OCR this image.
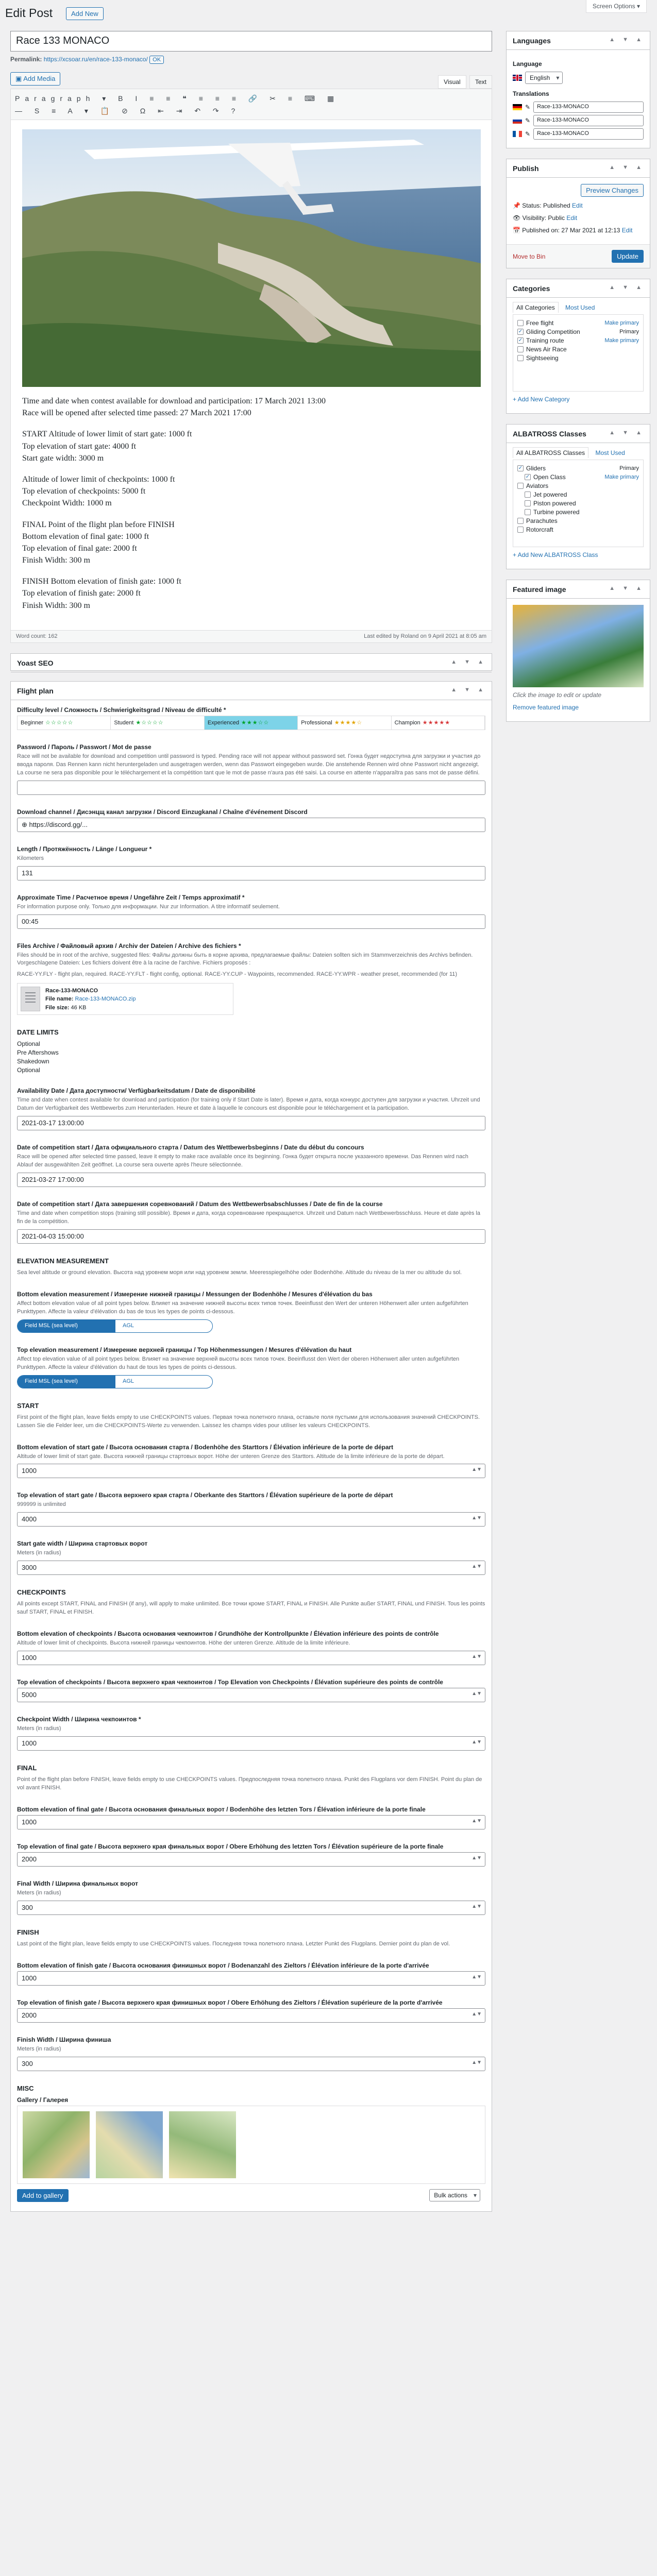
Edit Post	Add New
Screen Options ▾
Race 133 MONACO
Permalink: https://xcsoar.ru/en/race-133-monaco/ OK
▣ Add Media	Visual Text
Paragraph ▾ B I ≡ ≡ ❝ ≡ ≡ ≡ 🔗 ✂ ≡ ⌨ ▦
— S ≡ A ▾ 📋 ⊘ Ω ⇤ ⇥ ↶ ↷ ?

Time and date when contest available for download and participation: 17 March 2021 13:00
Race will be opened after selected time passed: 27 March 2021 17:00

START Altitude of lower limit of start gate: 1000 ft
Top elevation of start gate: 4000 ft
Start gate width: 3000 m

Altitude of lower limit of checkpoints: 1000 ft
Top elevation of checkpoints: 5000 ft
Checkpoint Width: 1000 m

FINAL Point of the flight plan before FINISH
Bottom elevation of final gate: 1000 ft
Top elevation of final gate: 2000 ft
Finish Width: 300 m

FINISH Bottom elevation of finish gate: 1000 ft
Top elevation of finish gate: 2000 ft
Finish Width: 300 m

Word count: 162	Last edited by Roland on 9 April 2021 at 8:05 am
Yoast SEO	▲ ▼ ▲
Flight plan	▲ ▼ ▲
Difficulty level / Сложность / Schwierigkeitsgrad / Niveau de difficulté *
Beginner ☆☆☆☆☆	Student ★☆☆☆☆	Experienced ★★★☆☆	Professional ★★★★☆	Champion ★★★★★
Password / Пароль / Passwort / Mot de passe
Race will not be available for download and competition until password is typed. Pending race will not appear without password set. Гонка будет недоступна для загрузки и участия до ввода пароля. Das Rennen kann nicht heruntergeladen und ausgetragen werden, wenn das Passwort eingegeben wurde. Die anstehende Rennen wird ohne Passwort nicht angezeigt. La course ne sera pas disponible pour le téléchargement et la compétition tant que le mot de passe n'aura pas été saisi. La course en attente n'apparaîtra pas sans mot de passe défini.
Download channel / Дисэнцщ канал загрузки / Discord Einzugkanal / Chaîne d'événement Discord
⊕ https://discord.gg/...
Length / Протяжённость / Länge / Longueur *
Kilometers
131
Approximate Time / Расчетное время / Ungefähre Zeit / Temps approximatif *
For information purpose only. Только для информации. Nur zur Information. A titre informatif seulement.
00:45
Files Archive / Файловый архив / Archiv der Dateien / Archive des fichiers *
Files should be in root of the archive, suggested files: Файлы должны быть в корне архива, предлагаемые файлы: Dateien sollten sich im Stammverzeichnis des Archivs befinden. Vorgeschlagene Dateien: Les fichiers doivent être à la racine de l'archive. Fichiers proposés :
RACE-YY.FLY - flight plan, required. RACE-YY.FLT - flight config, optional. RACE-YY.CUP - Waypoints, recommended. RACE-YY.WPR - weather preset, recommended (for 11)
Race-133-MONACO
File name: Race-133-MONACO.zip
File size: 46 KB
DATE LIMITS
Optional
Pre Aftershows
Shakedown
Optional
Availability Date / Дата доступности/ Verfügbarkeitsdatum / Date de disponibilité
Time and date when contest available for download and participation (for training only if Start Date is later). Время и дата, когда конкурс доступен для загрузки и участия. Uhrzeit und Datum der Verfügbarkeit des Wettbewerbs zum Herunterladen. Heure et date à laquelle le concours est disponible pour le téléchargement et la participation.
2021-03-17 13:00:00
Date of competition start / Дата официального старта / Datum des Wettbewerbsbeginns / Date du début du concours
Race will be opened after selected time passed, leave it empty to make race available once its beginning. Гонка будет открыта после указанного времени. Das Rennen wird nach Ablauf der ausgewählten Zeit geöffnet. La course sera ouverte après l'heure sélectionnée.
2021-03-27 17:00:00
Date of competition start / Дата завершения соревнований / Datum des Wettbewerbsabschlusses / Date de fin de la course
Time and date when competition stops (training still possible). Время и дата, когда соревнование прекращается. Uhrzeit und Datum nach Wettbewerbsschluss. Heure et date après la fin de la compétition.
2021-04-03 15:00:00
ELEVATION MEASUREMENT
Sea level altitude or ground elevation. Высота над уровнем моря или над уровнем земли. Meeresspiegelhöhe oder Bodenhöhe. Altitude du niveau de la mer ou altitude du sol.
Bottom elevation measurement / Измерение нижней границы / Messungen der Bodenhöhe / Mesures d'élévation du bas
Affect bottom elevation value of all point types below. Влияет на значение нижней высоты всех типов точек. Beeinflusst den Wert der unteren Höhenwert aller unten aufgeführten Punkttypen. Affecte la valeur d'élévation du bas de tous les types de points ci-dessous.
Field MSL (sea level)	AGL
Top elevation measurement / Измерение верхней границы / Top Höhenmessungen / Mesures d'élévation du haut
Affect top elevation value of all point types below. Влияет на значение верхней высоты всех типов точек. Beeinflusst den Wert der oberen Höhenwert aller unten aufgeführten Punkttypen. Affecte la valeur d'élévation du haut de tous les types de points ci-dessous.
Field MSL (sea level)	AGL
START
First point of the flight plan, leave fields empty to use CHECKPOINTS values. Первая точка полетного плана, оставьте поля пустыми для использования значений CHECKPOINTS. Lassen Sie die Felder leer, um die CHECKPOINTS-Werte zu verwenden. Laissez les champs vides pour utiliser les valeurs CHECKPOINTS.
Bottom elevation of start gate / Высота основания старта / Bodenhöhe des Starttors / Élévation inférieure de la porte de départ
Altitude of lower limit of start gate. Высота нижней границы стартовых ворот. Höhe der unteren Grenze des Starttors. Altitude de la limite inférieure de la porte de départ.
1000	▲▼
Top elevation of start gate / Высота верхнего края старта / Oberkante des Starttors / Élévation supérieure de la porte de départ
999999 is unlimited
4000	▲▼
Start gate width / Ширина стартовых ворот
Meters (in radius)
3000	▲▼
CHECKPOINTS
All points except START, FINAL and FINISH (if any), will apply to make unlimited. Все точки кроме START, FINAL и FINISH. Alle Punkte außer START, FINAL und FINISH. Tous les points sauf START, FINAL et FINISH.
Bottom elevation of checkpoints / Высота основания чекпоинтов / Grundhöhe der Kontrollpunkte / Élévation inférieure des points de contrôle
Altitude of lower limit of checkpoints. Высота нижней границы чекпоинтов. Höhe der unteren Grenze. Altitude de la limite inférieure.
1000	▲▼
Top elevation of checkpoints / Высота верхнего края чекпоинтов / Top Elevation von Checkpoints / Élévation supérieure des points de contrôle
5000	▲▼
Checkpoint Width / Ширина чекпоинтов *
Meters (in radius)
1000	▲▼
FINAL
Point of the flight plan before FINISH, leave fields empty to use CHECKPOINTS values. Предпоследняя точка полетного плана. Punkt des Flugplans vor dem FINISH. Point du plan de vol avant FINISH.
Bottom elevation of final gate / Высота основания финальных ворот / Bodenhöhe des letzten Tors / Élévation inférieure de la porte finale
1000	▲▼
Top elevation of final gate / Высота верхнего края финальных ворот / Obere Erhöhung des letzten Tors / Élévation supérieure de la porte finale
2000	▲▼
Final Width / Ширина финальных ворот
Meters (in radius)
300	▲▼
FINISH
Last point of the flight plan, leave fields empty to use CHECKPOINTS values. Последняя точка полетного плана. Letzter Punkt des Flugplans. Dernier point du plan de vol.
Bottom elevation of finish gate / Высота основания финишных ворот / Bodenanzahl des Zieltors / Élévation inférieure de la porte d'arrivée
1000	▲▼
Top elevation of finish gate / Высота верхнего края финишных ворот / Obere Erhöhung des Zieltors / Élévation supérieure de la porte d'arrivée
2000	▲▼
Finish Width / Ширина финиша
Meters (in radius)
300	▲▼
MISC
Gallery / Галерея
Add to gallery	Bulk actions ▾
Languages	▲ ▼ ▲
Language
English ▾
Translations
✎	Race-133-MONACO
✎	Race-133-MONACO
✎	Race-133-MONACO
Publish	▲ ▼ ▲
Preview Changes
📌 Status: Published Edit
👁 Visibility: Public Edit
📅 Published on: 27 Mar 2021 at 12:13 Edit
Move to Bin	Update
Categories	▲ ▼ ▲
All Categories Most Used
Free flight	Make primary
✓ Gliding Competition	Primary
✓ Training route	Make primary
News Air Race
Sightseeing
+ Add New Category
ALBATROSS Classes	▲ ▼ ▲
All ALBATROSS Classes Most Used
✓ Gliders	Primary
✓ Open Class	Make primary
Aviators
Jet powered
Piston powered
Turbine powered
Parachutes
Rotorcraft
+ Add New ALBATROSS Class
Featured image	▲ ▼ ▲
Click the image to edit or update
Remove featured image
